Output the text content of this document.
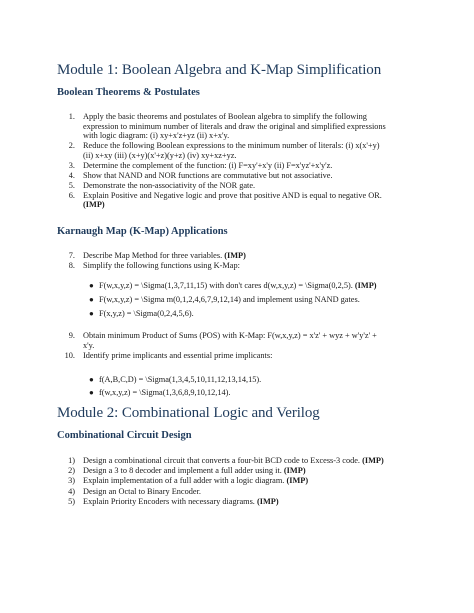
Module 1: Boolean Algebra and K-Map Simplification
Boolean Theorems & Postulates
1. Apply the basic theorems and postulates of Boolean algebra to simplify the following
expression to minimum number of literals and draw the original and simplified expressions
with logic diagram: (i) xy+x'z+yz (ii) x+x'y.
2. Reduce the following Boolean expressions to the minimum number of literals: (i) x(x'+y)
(ii) x+xy (iii) (x+y)(x'+z)(y+z) (iv) xy+xz+yz.
3. Determine the complement of the function: (i) F=xy'+x'y (ii) F=x'yz'+x'y'z.
4. Show that NAND and NOR functions are commutative but not associative.
5. Demonstrate the non-associativity of the NOR gate.
6. Explain Positive and Negative logic and prove that positive AND is equal to negative OR.
(IMP)
Karnaugh Map (K-Map) Applications
7. Describe Map Method for three variables. (IMP)
8. Simplify the following functions using K-Map:
● F(w,x,y,z) = \Sigma(1,3,7,11,15) with don't cares d(w,x,y,z) = \Sigma(0,2,5). (IMP)
● F(w,x,y,z) = \Sigma m(0,1,2,4,6,7,9,12,14) and implement using NAND gates.
● F(x,y,z) = \Sigma(0,2,4,5,6).
9. Obtain minimum Product of Sums (POS) with K-Map: F(w,x,y,z) = x'z' + wyz + w'y'z' +
x'y.
10. Identify prime implicants and essential prime implicants:
● f(A,B,C,D) = \Sigma(1,3,4,5,10,11,12,13,14,15).
● f(w,x,y,z) = \Sigma(1,3,6,8,9,10,12,14).
Module 2: Combinational Logic and Verilog
Combinational Circuit Design
1) Design a combinational circuit that converts a four-bit BCD code to Excess-3 code. (IMP)
2) Design a 3 to 8 decoder and implement a full adder using it. (IMP)
3) Explain implementation of a full adder with a logic diagram. (IMP)
4) Design an Octal to Binary Encoder.
5) Explain Priority Encoders with necessary diagrams. (IMP)
